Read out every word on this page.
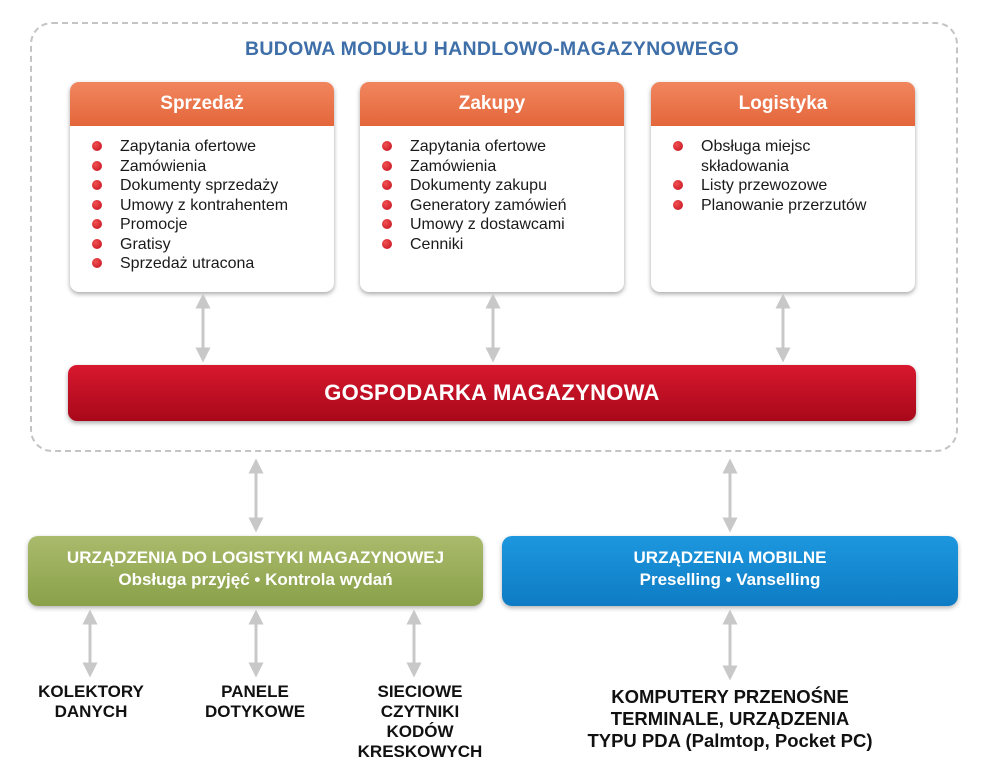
BUDOWA MODUŁU HANDLOWO-MAGAZYNOWEGO
Sprzedaż
Zapytania ofertowe
Zamówienia
Dokumenty sprzedaży
Umowy z kontrahentem
Promocje
Gratisy
Sprzedaż utracona
Zakupy
Zapytania ofertowe
Zamówienia
Dokumenty zakupu
Generatory zamówień
Umowy z dostawcami
Cenniki
Logistyka
Obsługa miejsc
składowania
Listy przewozowe
Planowanie przerzutów
GOSPODARKA MAGAZYNOWA
URZĄDZENIA DO LOGISTYKI MAGAZYNOWEJ
Obsługa przyjęć • Kontrola wydań
URZĄDZENIA MOBILNE
Preselling • Vanselling
KOLEKTORY
DANYCH
PANELE
DOTYKOWE
SIECIOWE
CZYTNIKI
KODÓW
KRESKOWYCH
KOMPUTERY PRZENOŚNE
TERMINALE, URZĄDZENIA
TYPU PDA (Palmtop, Pocket PC)
